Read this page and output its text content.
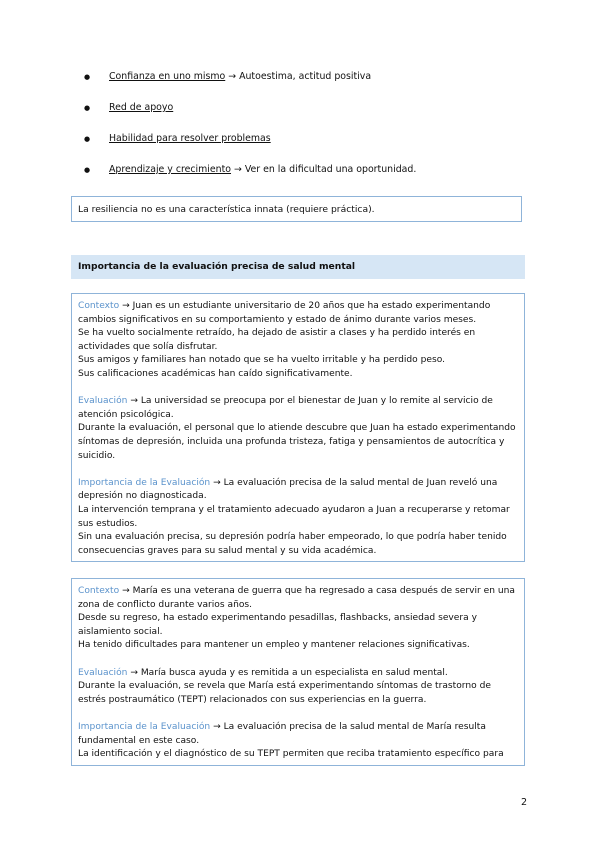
● Confianza en uno mismo → Autoestima, actitud positiva
● Red de apoyo
● Habilidad para resolver problemas
● Aprendizaje y crecimiento → Ver en la dificultad una oportunidad.
La resiliencia no es una característica innata (requiere práctica).
Importancia de la evaluación precisa de salud mental

Contexto → Juan es un estudiante universitario de 20 años que ha estado experimentando cambios significativos en su comportamiento y estado de ánimo durante varios meses.
Se ha vuelto socialmente retraído, ha dejado de asistir a clases y ha perdido interés en actividades que solía disfrutar.
Sus amigos y familiares han notado que se ha vuelto irritable y ha perdido peso.
Sus calificaciones académicas han caído significativamente.

Evaluación → La universidad se preocupa por el bienestar de Juan y lo remite al servicio de atención psicológica.
Durante la evaluación, el personal que lo atiende descubre que Juan ha estado experimentando síntomas de depresión, incluida una profunda tristeza, fatiga y pensamientos de autocrítica y suicidio.

Importancia de la Evaluación → La evaluación precisa de la salud mental de Juan reveló una depresión no diagnosticada.
La intervención temprana y el tratamiento adecuado ayudaron a Juan a recuperarse y retomar sus estudios.
Sin una evaluación precisa, su depresión podría haber empeorado, lo que podría haber tenido consecuencias graves para su salud mental y su vida académica.

Contexto → María es una veterana de guerra que ha regresado a casa después de servir en una zona de conflicto durante varios años.
Desde su regreso, ha estado experimentando pesadillas, flashbacks, ansiedad severa y aislamiento social.
Ha tenido dificultades para mantener un empleo y mantener relaciones significativas.

Evaluación → María busca ayuda y es remitida a un especialista en salud mental.
Durante la evaluación, se revela que María está experimentando síntomas de trastorno de estrés postraumático (TEPT) relacionados con sus experiencias en la guerra.

Importancia de la Evaluación → La evaluación precisa de la salud mental de María resulta fundamental en este caso.
La identificación y el diagnóstico de su TEPT permiten que reciba tratamiento específico para

2
